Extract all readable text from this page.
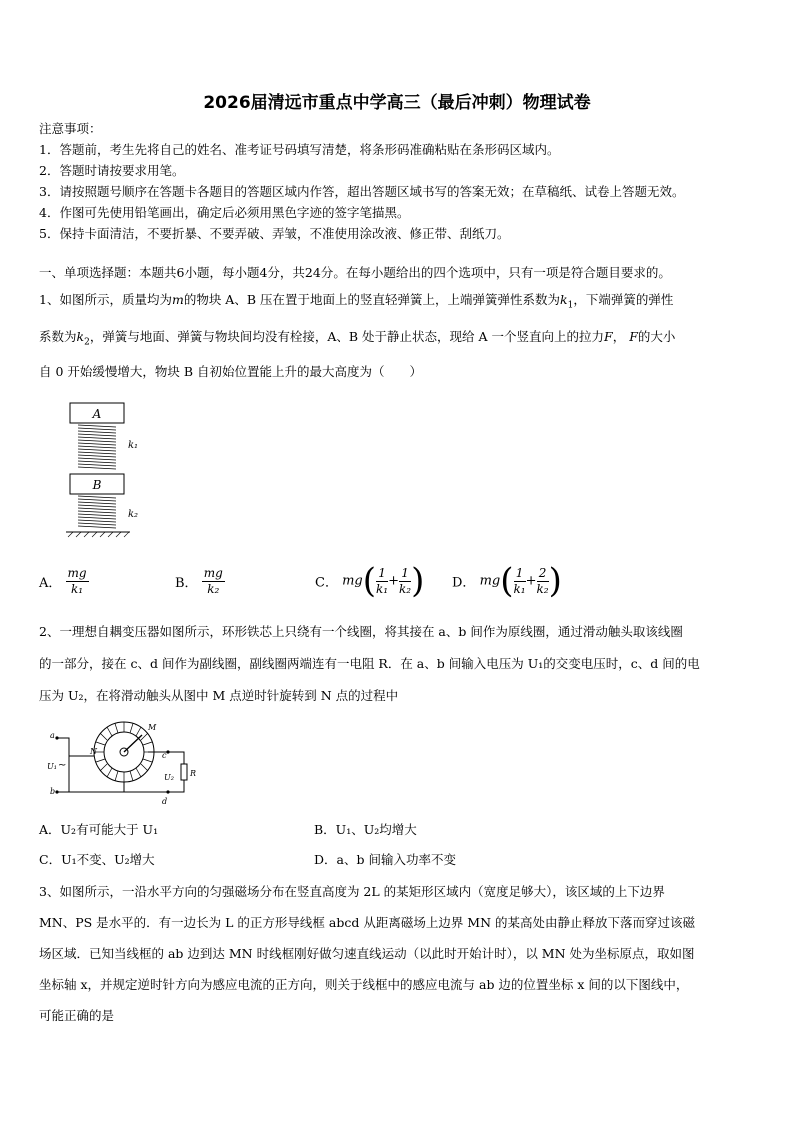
2026届清远市重点中学高三（最后冲刺）物理试卷
注意事项：
1．答题前，考生先将自己的姓名、准考证号码填写清楚，将条形码准确粘贴在条形码区域内。
2．答题时请按要求用笔。
3．请按照题号顺序在答题卡各题目的答题区域内作答，超出答题区域书写的答案无效；在草稿纸、试卷上答题无效。
4．作图可先使用铅笔画出，确定后必须用黑色字迹的签字笔描黑。
5．保持卡面清洁，不要折暴、不要弄破、弄皱，不准使用涂改液、修正带、刮纸刀。
一、单项选择题：本题共6小题，每小题4分，共24分。在每小题给出的四个选项中，只有一项是符合题目要求的。
1、如图所示，质量均为m的物块 A、B 压在置于地面上的竖直轻弹簧上，上端弹簧弹性系数为$k_1$，下端弹簧的弹性
系数为$k_2$，弹簧与地面、弹簧与物块间均没有栓接，A、B 处于静止状态，现给 A 一个竖直向上的拉力F， F的大小
自 0 开始缓慢增大，物块 B 自初始位置能上升的最大高度为（　　）
A
k₁
B
k₂
A． $\frac{mg}{\text{k₁}}$	B． $\frac{mg}{\text{k₂}}$	C． $mg( \frac{1}{\text{k₁}} + \frac{1}{\text{k₂}}$ ) D． $mg( \frac{1}{\text{k₁}} + \frac{2}{\text{k₂}}$ )
2、一理想自耦变压器如图所示，环形铁芯上只绕有一个线圈，将其接在 a、b 间作为原线圈，通过滑动触头取该线圈
的一部分，接在 c、d 间作为副线圈，副线圈两端连有一电阻 R．在 a、b 间输入电压为 U₁的交变电压时，c、d 间的电
压为 U₂，在将滑动触头从图中 M 点逆时针旋转到 N 点的过程中
a
b
U₁
c
d
M
N
U₂ R
~
A．U₂有可能大于 U₁	B．U₁、U₂均增大
C．U₁不变、U₂增大	D．a、b 间输入功率不变
3、如图所示，一沿水平方向的匀强磁场分布在竖直高度为 2L 的某矩形区域内（宽度足够大），该区域的上下边界
MN、PS 是水平的．有一边长为 L 的正方形导线框 abcd 从距离磁场上边界 MN 的某高处由静止释放下落而穿过该磁
场区域．已知当线框的 ab 边到达 MN 时线框刚好做匀速直线运动（以此时开始计时），以 MN 处为坐标原点，取如图
坐标轴 x，并规定逆时针方向为感应电流的正方向，则关于线框中的感应电流与 ab 边的位置坐标 x 间的以下图线中，
可能正确的是
